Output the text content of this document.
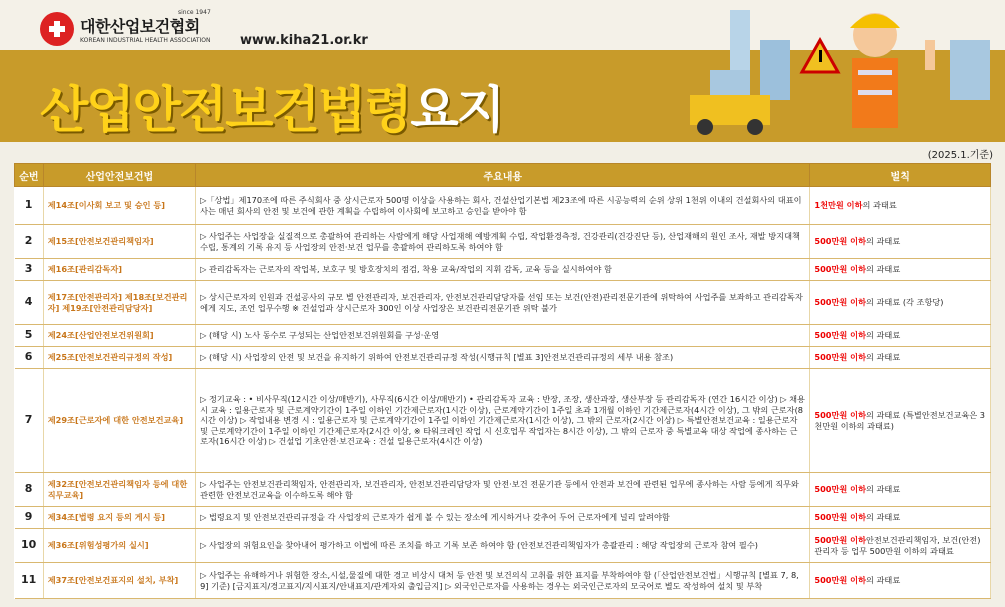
대한산업보건협회
KOREAN INDUSTRIAL HEALTH ASSOCIATION
since 1947
www.kiha21.or.kr
산업안전보건법령요지
(2025.1.기준)
순번	산업안전보건법	주요내용	벌칙
1	제14조[이사회 보고 및 승인 등]	▷「상법」제170조에 따른 주식회사 중 상시근로자 500명 이상을 사용하는 회사, 건설산업기본법 제23조에 따른 시공능력의 순위 상위 1천위 이내의 건설회사의 대표이사는 매년 회사의 안전 및 보건에 관한 계획을 수립하여 이사회에 보고하고 승인을 받아야 함	1천만원 이하의 과태료
2	제15조[안전보건관리책임자]	▷ 사업주는 사업장을 실질적으로 총괄하여 관리하는 사람에게 해당 사업재해 예방계획 수립, 작업환경측정, 건강관리(건강진단 등), 산업재해의 원인 조사, 재발 방지대책 수립, 통계의 기록 유지 등 사업장의 안전·보건 업무를 총괄하여 관리하도록 하여야 함	500만원 이하의 과태료
3	제16조[관리감독자]	▷ 관리감독자는 근로자의 작업복, 보호구 및 방호장치의 점검, 착용 교육/작업의 지휘 감독, 교육 등을 실시하여야 함	500만원 이하의 과태료
4	제17조[안전관리자] 제18조[보건관리자] 제19조[안전관리담당자]	▷ 상시근로자의 인원과 건설공사의 규모 별 안전관리자, 보건관리자, 안전보건관리담당자를 선임 또는 보건(안전)관리전문기관에 위탁하여 사업주를 보좌하고 관리감독자에게 지도, 조언 업무수행 ※ 건설업과 상시근로자 300인 이상 사업장은 보건관리전문기관 위탁 불가	500만원 이하의 과태료 (각 조항당)
5	제24조[산업안전보건위원회]	▷ (해당 시) 노사 동수로 구성되는 산업안전보건위원회를 구성·운영	500만원 이하의 과태료
6	제25조[안전보건관리규정의 작성]	▷ (해당 시) 사업장의 안전 및 보건을 유지하기 위하여 안전보건관리규정 작성(시행규칙 [별표 3]안전보건관리규정의 세부 내용 참조)	500만원 이하의 과태료
7	제29조[근로자에 대한 안전보건교육]	▷ 정기교육 : • 비사무직(12시간 이상/매반기), 사무직(6시간 이상/매반기) • 관리감독자 교육 : 반장, 조장, 생산과장, 생산부장 등 관리감독자 (연간 16시간 이상) ▷ 채용 시 교육 : 일용근로자 및 근로계약기간이 1주일 이하인 기간제근로자(1시간 이상), 근로계약기간이 1주일 초과 1개월 이하인 기간제근로자(4시간 이상), 그 밖의 근로자(8시간 이상) ▷ 작업내용 변경 시 : 일용근로자 및 근로계약기간이 1주일 이하인 기간제근로자(1시간 이상), 그 밖의 근로자(2시간 이상) ▷ 특별안전보건교육 : 일용근로자 및 근로계약기간이 1주일 이하인 기간제근로자(2시간 이상, ※ 타워크레인 작업 시 신호업무 작업자는 8시간 이상), 그 밖의 근로자 중 특별교육 대상 작업에 종사하는 근로자(16시간 이상) ▷ 건설업 기초안전·보건교육 : 건설 일용근로자(4시간 이상)	500만원 이하의 과태료 (특별안전보건교육은 3천만원 이하의 과태료)
8	제32조[안전보건관리책임자 등에 대한 직무교육]	▷ 사업주는 안전보건관리책임자, 안전관리자, 보건관리자, 안전보건관리담당자 및 안전·보건 전문기관 등에서 안전과 보건에 관련된 업무에 종사하는 사람 등에게 직무와 관련한 안전보건교육을 이수하도록 해야 함	500만원 이하의 과태료
9	제34조[법령 요지 등의 게시 등]	▷ 법령요지 및 안전보건관리규정을 각 사업장의 근로자가 쉽게 볼 수 있는 장소에 게시하거나 갖추어 두어 근로자에게 널리 알려야함	500만원 이하의 과태료
10	제36조[위험성평가의 실시]	▷ 사업장의 위험요인을 찾아내어 평가하고 이법에 따른 조치를 하고 기록 보존 하여야 함 (안전보건관리책임자가 총괄관리 : 해당 작업장의 근로자 참여 필수)	500만원 이하안전보건관리책임자, 보건(안전)관리자 등 업무 500만원 이하의 과태료
11	제37조[안전보건표지의 설치, 부착]	▷ 사업주는 유해하거나 위험한 장소,시설,물질에 대한 경고 비상시 대처 등 안전 및 보건의식 고취를 위한 표지를 부착하여야 함 (「산업안전보건법」시행규칙 [별표 7, 8, 9] 기준) [금지표지/경고표지/지시표지/안내표지/관계자외 출입금지] ▷ 외국인근로자를 사용하는 경우는 외국인근로자의 모국어로 별도 작성하여 설치 및 부착	500만원 이하의 과태료
